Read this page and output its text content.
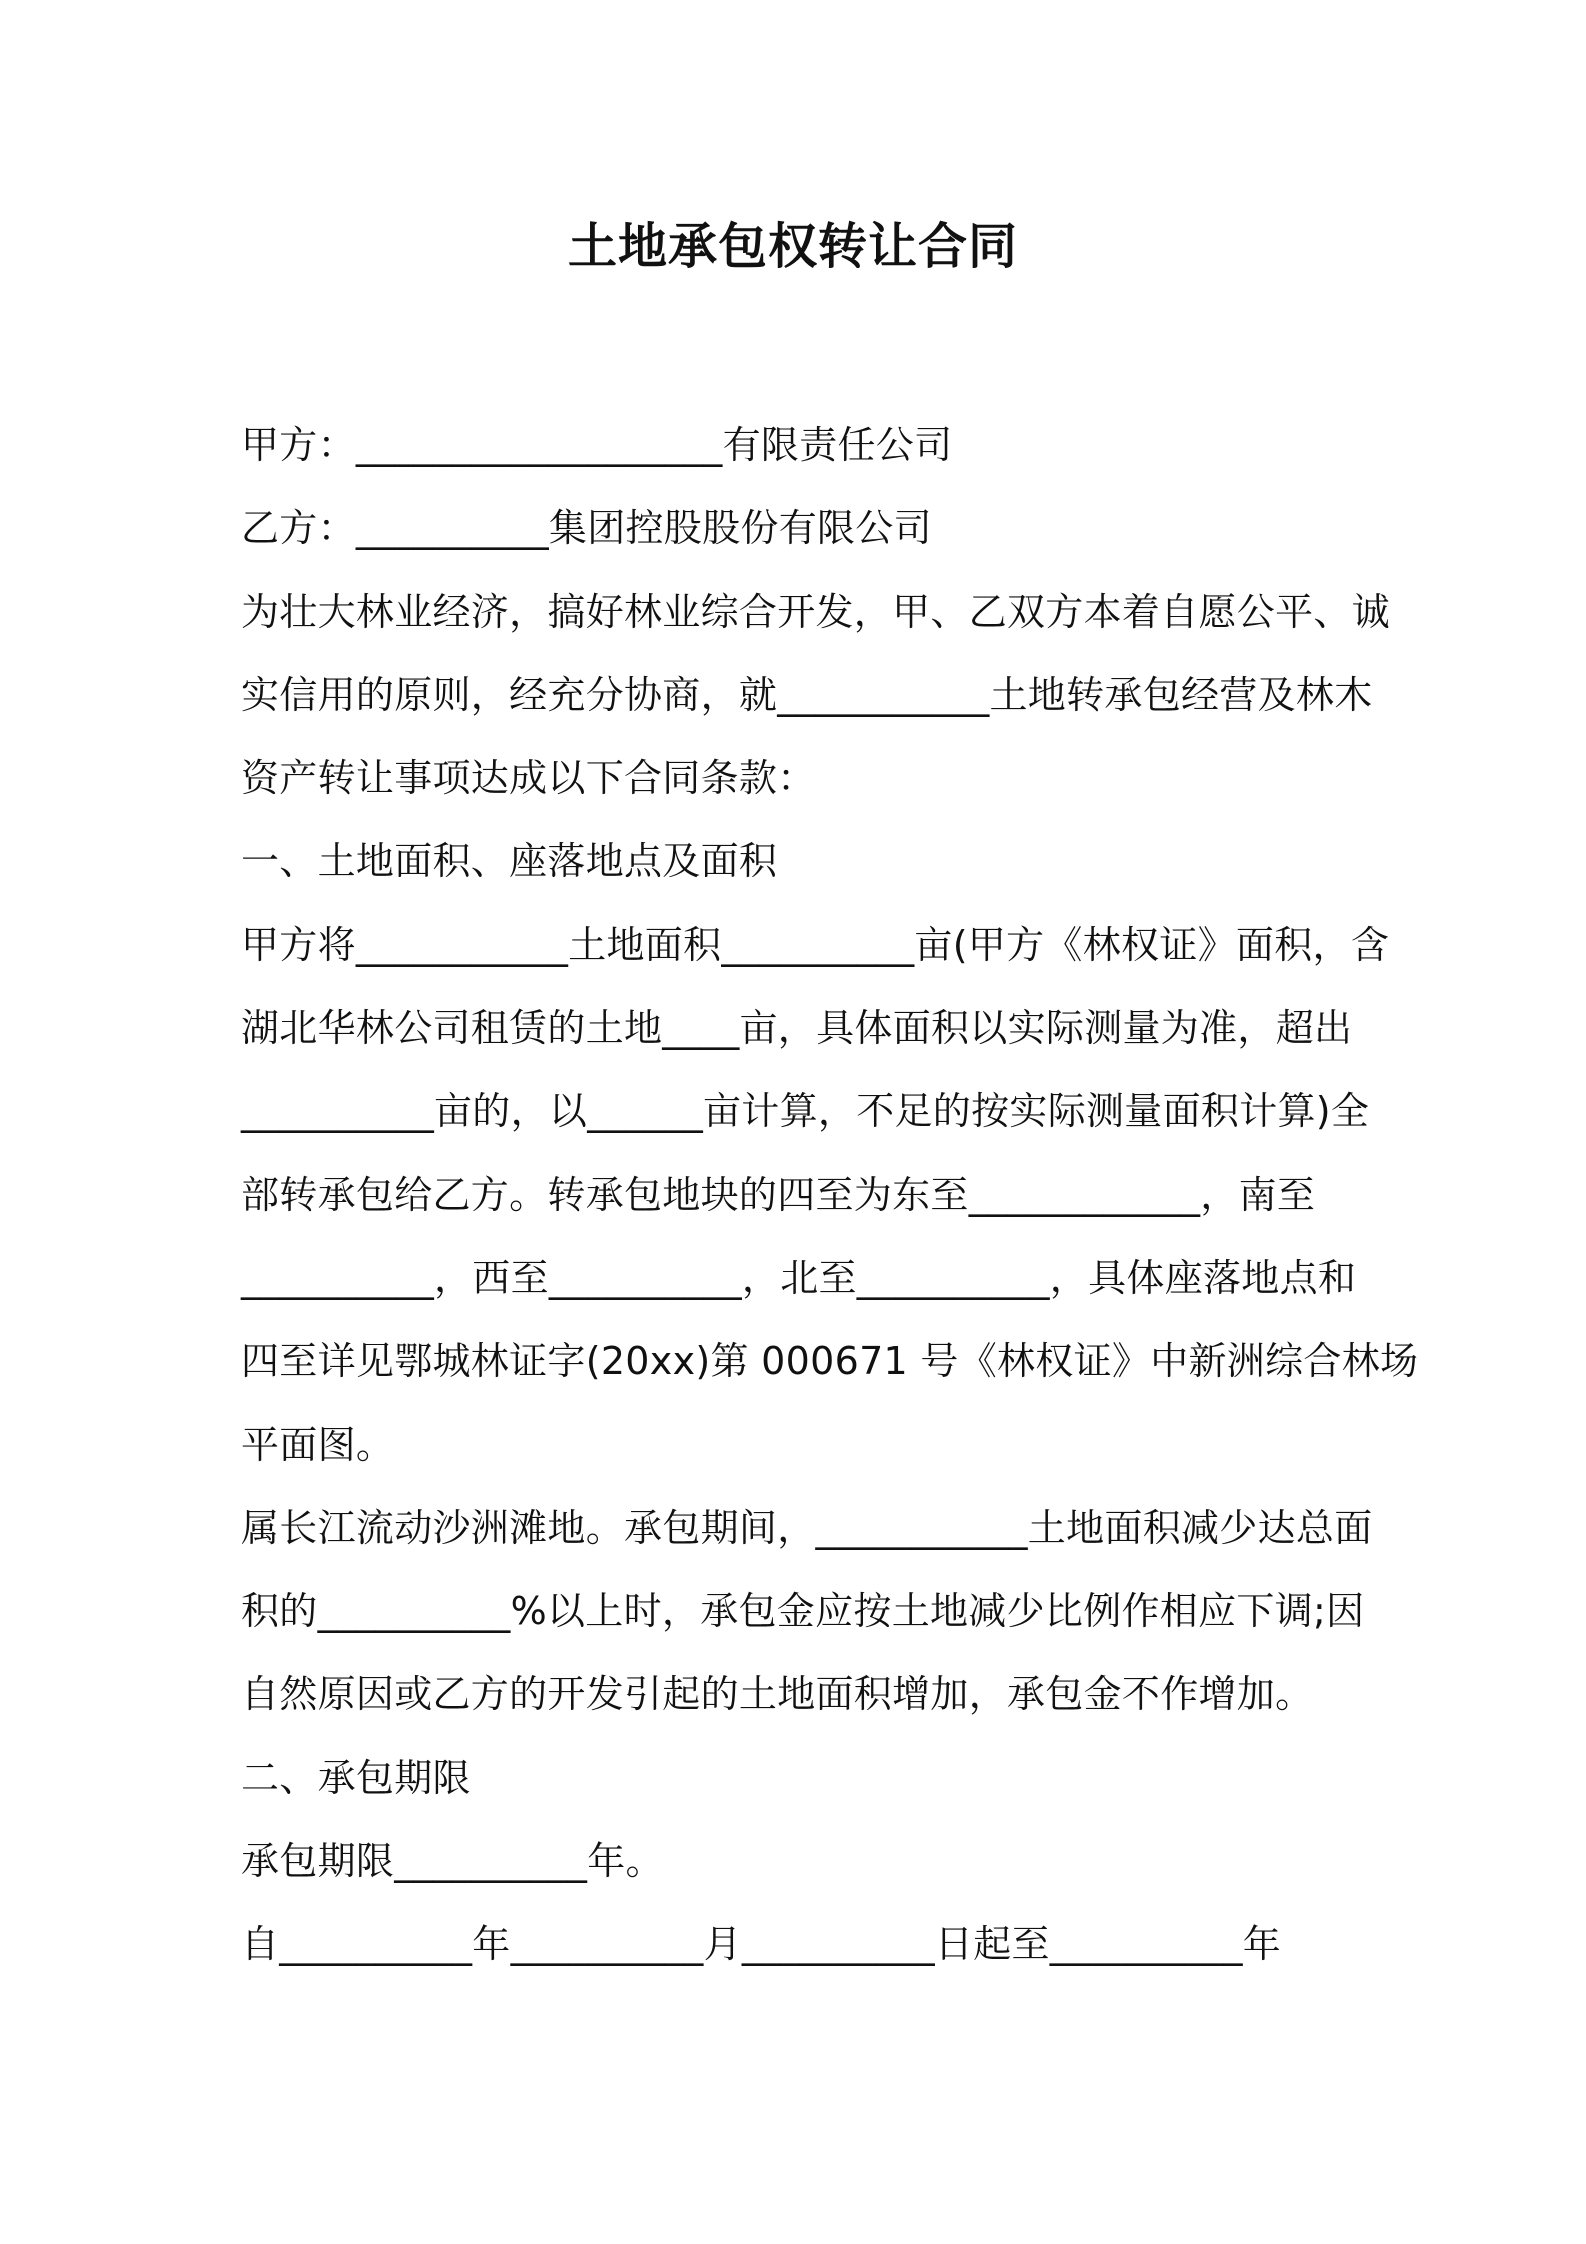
土地承包权转让合同
甲方：___________________有限责任公司
乙方：__________集团控股股份有限公司
为壮大林业经济，搞好林业综合开发，甲、乙双方本着自愿公平、诚
实信用的原则，经充分协商，就___________土地转承包经营及林木
资产转让事项达成以下合同条款：
一、土地面积、座落地点及面积
甲方将___________土地面积__________亩(甲方《林权证》面积，含
湖北华林公司租赁的土地____亩，具体面积以实际测量为准，超出
__________亩的，以______亩计算，不足的按实际测量面积计算)全
部转承包给乙方。转承包地块的四至为东至____________，南至
__________，西至__________，北至__________，具体座落地点和
四至详见鄂城林证字(20xx)第 000671 号《林权证》中新洲综合林场
平面图。
属长江流动沙洲滩地。承包期间，___________土地面积减少达总面
积的__________%以上时，承包金应按土地减少比例作相应下调;因
自然原因或乙方的开发引起的土地面积增加，承包金不作增加。
二、承包期限
承包期限__________年。
自__________年__________月__________日起至__________年
